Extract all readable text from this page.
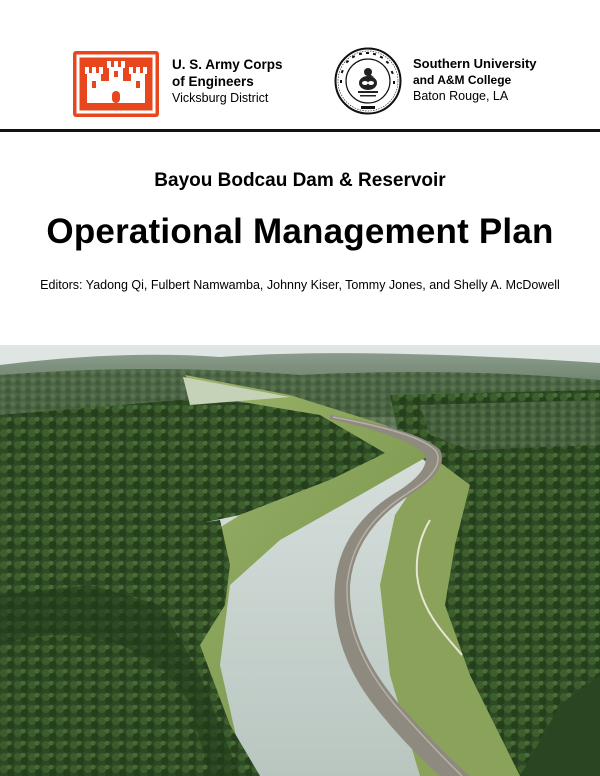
U. S. Army Corps
of Engineers
Vicksburg District
Southern University
and A&M College
Baton Rouge, LA
Bayou Bodcau Dam & Reservoir
Operational Management Plan
Editors: Yadong Qi, Fulbert Namwamba, Johnny Kiser, Tommy Jones, and Shelly A. McDowell
